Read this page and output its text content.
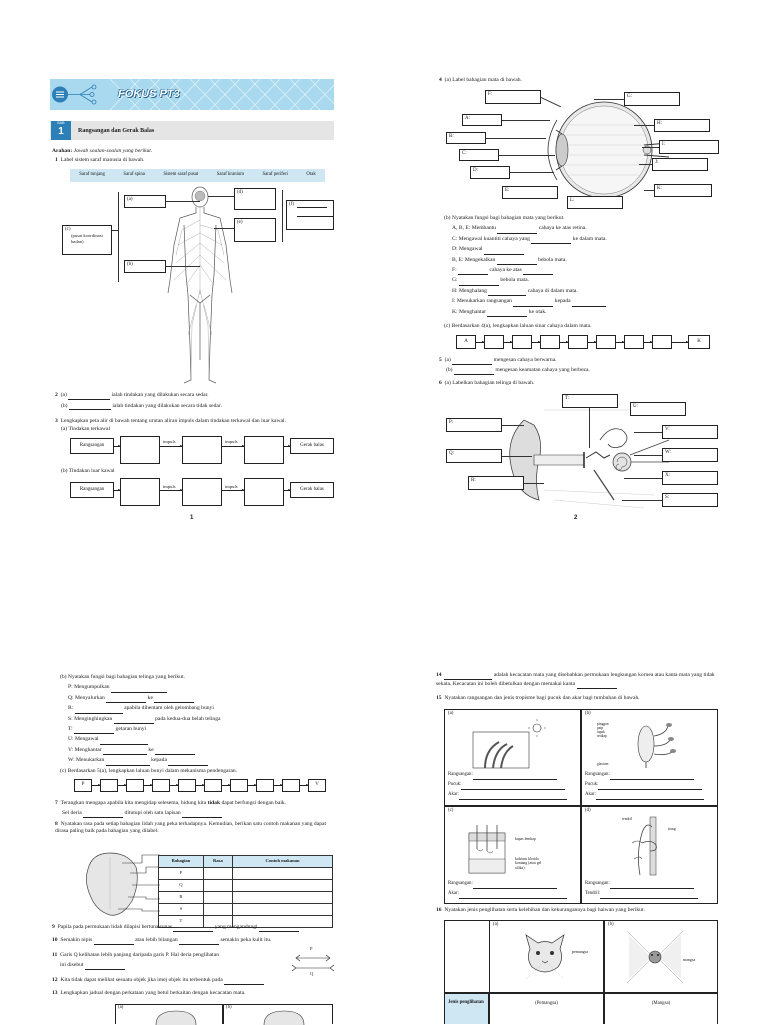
FOKUS PT3
BAB
1	Rangsangan dan Gerak Balas
Arahan: Jawab soalan-soalan yang berikut.
1 Label sistem saraf manusia di bawah.
Saraf tunjang	Saraf spina	Sistem saraf pusat	Saraf kranium	Saraf periferi	Otak
(a)
(c)
(pusat koordinasi badan)
(b)
(d)
(e)
(f)

2 (a)	ialah tindakan yang dilakukan secara sedar.
(b)	ialah tindakan yang dilakukan secara tidak sedar.
3 Lengkapkan peta alir di bawah tentang urutan aliran impuls dalam tindakan terkawal dan luar kawal.
(a) Tindakan terkawal
Rangsangan
impuls	impuls
Gerak balas
(b) Tindakan luar kawal
Rangsangan
impuls	impuls
Gerak balas
1
4 (a) Label bahagian mata di bawah.
F:	G:
A:
H:
B:
I:
C:
J:
D:
E:	K:
L:
(b) Nyatakan fungsi bagi bahagian mata yang berikut.
A, B, E: Membantu	cahaya ke atas retina.
C: Mengawal kuantiti cahaya yang	ke dalam mata.
D: Mengawal
B, E: Mengekalkan	bebola mata.
F:	cahaya ke atas
G:	bebola mata.
H: Menghalang	cahaya di dalam mata.
I: Menukarkan rangsangan	kepada
K: Menghantar	ke otak.
(c) Berdasarkan 4(a), lengkapkan laluan sinar cahaya dalam mata.
A	K
5 (a)	mengesan cahaya berwarna.
(b)	mengesan keamatan cahaya yang berbeza.
6 (a) Labelkan bahagian telinga di bawah.
T:
U:
P:
V:
Q:	W:
R:
X:
S:
2
(b) Nyatakan fungsi bagi bahagian telinga yang berikut.
P: Mengumpulkan
Q: Menyalurkan	ke
R:	apabila dihentam oleh gelombang bunyi
S: Menginghingkan	pada kedua-dua belah telinga
T:	getaran bunyi
U: Mengawal
V: Menghantar	ke
W: Menukarkan	kepada
(c) Berdasarkan 5(a), lengkapkan laluan bunyi dalam mekanisma pendengaran.
P	V
7 Terangkan mengapa apabila kita mengidap selesema, hidung kita tidak dapat berfungsi dengan baik.
Sel deria	ditutupi oleh satu lapisan
8 Nyatakan rasa pada setiap bahagian lidah yang peka terhadapnya. Kemudian, berikan satu contoh makanan yang dapat dirasa paling baik pada bahagian yang dilabel.
Bahagian	Rasa	Contoh makanan
P		
Q		
R		
S		
T		
9 Papila pada permukaan lidah dilapisi bertuna-tunas	yang mengandungi
10 Semakin nipis	atau lebih bilangan	semakin peka kulit itu.
11 Garis Q kelihatan lebih panjang daripada garis P. Hal deria penglihatan
ini disebut
P
Q
12 Kita tidak dapat melihat sesuatu objek jika imej objek itu terbentuk pada
13 Lengkapkan jadual dengan perkataan yang betul berkaitan dengan kecacatan mata.
(a)	(b)
14	adalah kecacatan mata yang disebabkan permukaan lengkungan kornea atau kanta mata yang tidak sekata. Kecacatan ini boleh dibetulkan dengan memakai kanta
15 Nyatakan rangsangan dan jenis tropisme bagi pucuk dan akar bagi tumbuhan di bawah.
(a)
Rangsangan:
Pucuk:
Akar:
(b)
pinggan
paip
tapak
tetikap
glasiom
Rangsangan:
Pucuk:
Akar:
(c)
kapas lembap
kalsium klorida kontang (atau gel silika)
Rangsangan:
Akar:
(d)
tendril
tiang
Rangsangan:
Tendril:
16 Nyatakan jenis penglihatan serta kelebihan dan kekurangannya bagi haiwan yang berikut.
(a)
pemangsa
(b)
mangsa
Jenis penglihatan	(Pemangsa)	(Mangsa)
